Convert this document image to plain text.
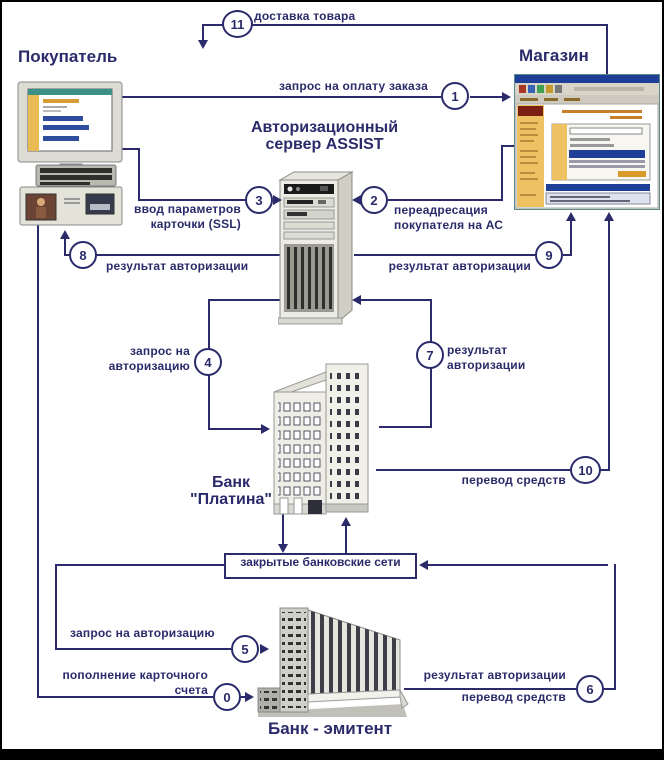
11
1
3	2
8	9
4	7
10
5
0
6
доставка товара
запрос на оплату заказа
ввод параметров
карточки (SSL)
переадресация
покупателя на АС
результат авторизации	результат авторизации
запрос на
авторизацию
результат
авторизации
перевод средств
запрос на авторизацию
пополнение карточного
счета
результат авторизации
перевод средств
Покупатель	Магазин
Авторизационный
сервер ASSIST
Банк
"Платина"
Банк - эмитент
закрытые банковские сети
